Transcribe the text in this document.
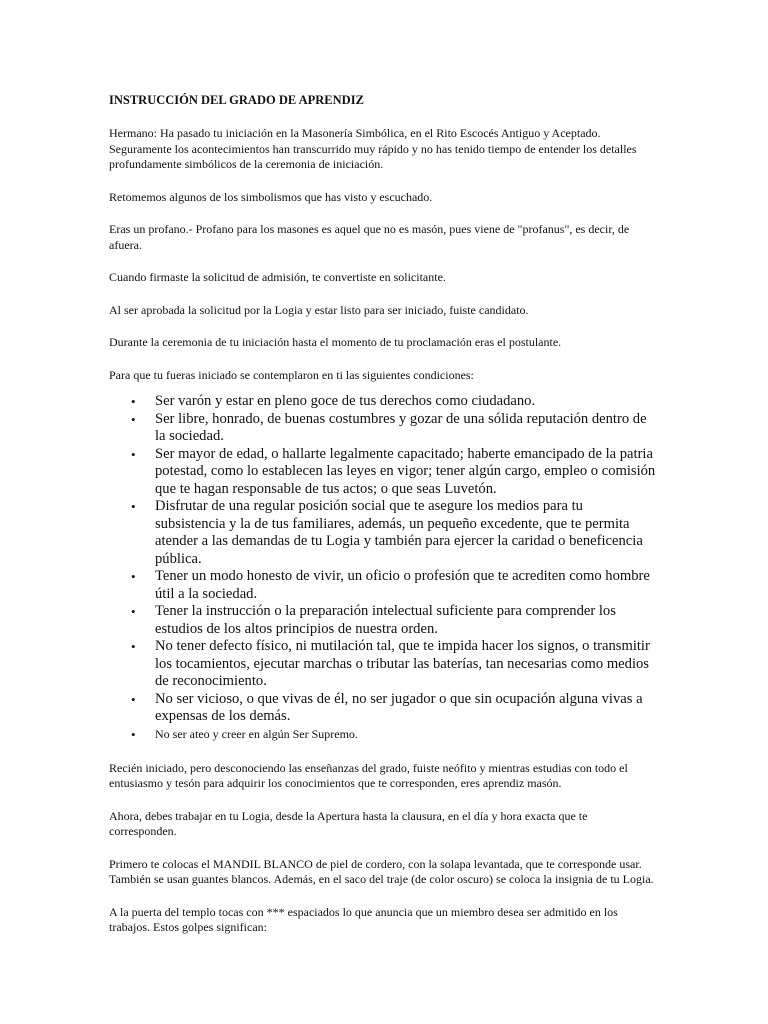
INSTRUCCIÓN DEL GRADO DE APRENDIZ

Hermano: Ha pasado tu iniciación en la Masonería Simbólica, en el Rito Escocés Antiguo y Aceptado. Seguramente los acontecimientos han transcurrido muy rápido y no has tenido tiempo de entender los detalles profundamente simbólicos de la ceremonia de iniciación.

Retomemos algunos de los simbolismos que has visto y escuchado.

Eras un profano.- Profano para los masones es aquel que no es masón, pues viene de "profanus", es decir, de afuera.

Cuando firmaste la solicitud de admisión, te convertiste en solicitante.

Al ser aprobada la solicitud por la Logia y estar listo para ser iniciado, fuiste candidato.

Durante la ceremonia de tu iniciación hasta el momento de tu proclamación eras el postulante.

Para que tu fueras iniciado se contemplaron en ti las siguientes condiciones:

• Ser varón y estar en pleno goce de tus derechos como ciudadano.
• Ser libre, honrado, de buenas costumbres y gozar de una sólida reputación dentro de la sociedad.
• Ser mayor de edad, o hallarte legalmente capacitado; haberte emancipado de la patria potestad, como lo establecen las leyes en vigor; tener algún cargo, empleo o comisión que te hagan responsable de tus actos; o que seas Luvetón.
• Disfrutar de una regular posición social que te asegure los medios para tu subsistencia y la de tus familiares, además, un pequeño excedente, que te permita atender a las demandas de tu Logia y también para ejercer la caridad o beneficencia pública.
• Tener un modo honesto de vivir, un oficio o profesión que te acrediten como hombre útil a la sociedad.
• Tener la instrucción o la preparación intelectual suficiente para comprender los estudios de los altos principios de nuestra orden.
• No tener defecto físico, ni mutilación tal, que te impida hacer los signos, o transmitir los tocamientos, ejecutar marchas o tributar las baterías, tan necesarias como medios de reconocimiento.
• No ser vicioso, o que vivas de él, no ser jugador o que sin ocupación alguna vivas a expensas de los demás.
• No ser ateo y creer en algún Ser Supremo.

Recién iniciado, pero desconociendo las enseñanzas del grado, fuiste neófito y mientras estudias con todo el entusiasmo y tesón para adquirir los conocimientos que te corresponden, eres aprendiz masón.

Ahora, debes trabajar en tu Logia, desde la Apertura hasta la clausura, en el día y hora exacta que te corresponden.

Primero te colocas el MANDIL BLANCO de piel de cordero, con la solapa levantada, que te corresponde usar. También se usan guantes blancos. Además, en el saco del traje (de color oscuro) se coloca la insignia de tu Logia.

A la puerta del templo tocas con *** espaciados lo que anuncia que un miembro desea ser admitido en los trabajos. Estos golpes significan:
